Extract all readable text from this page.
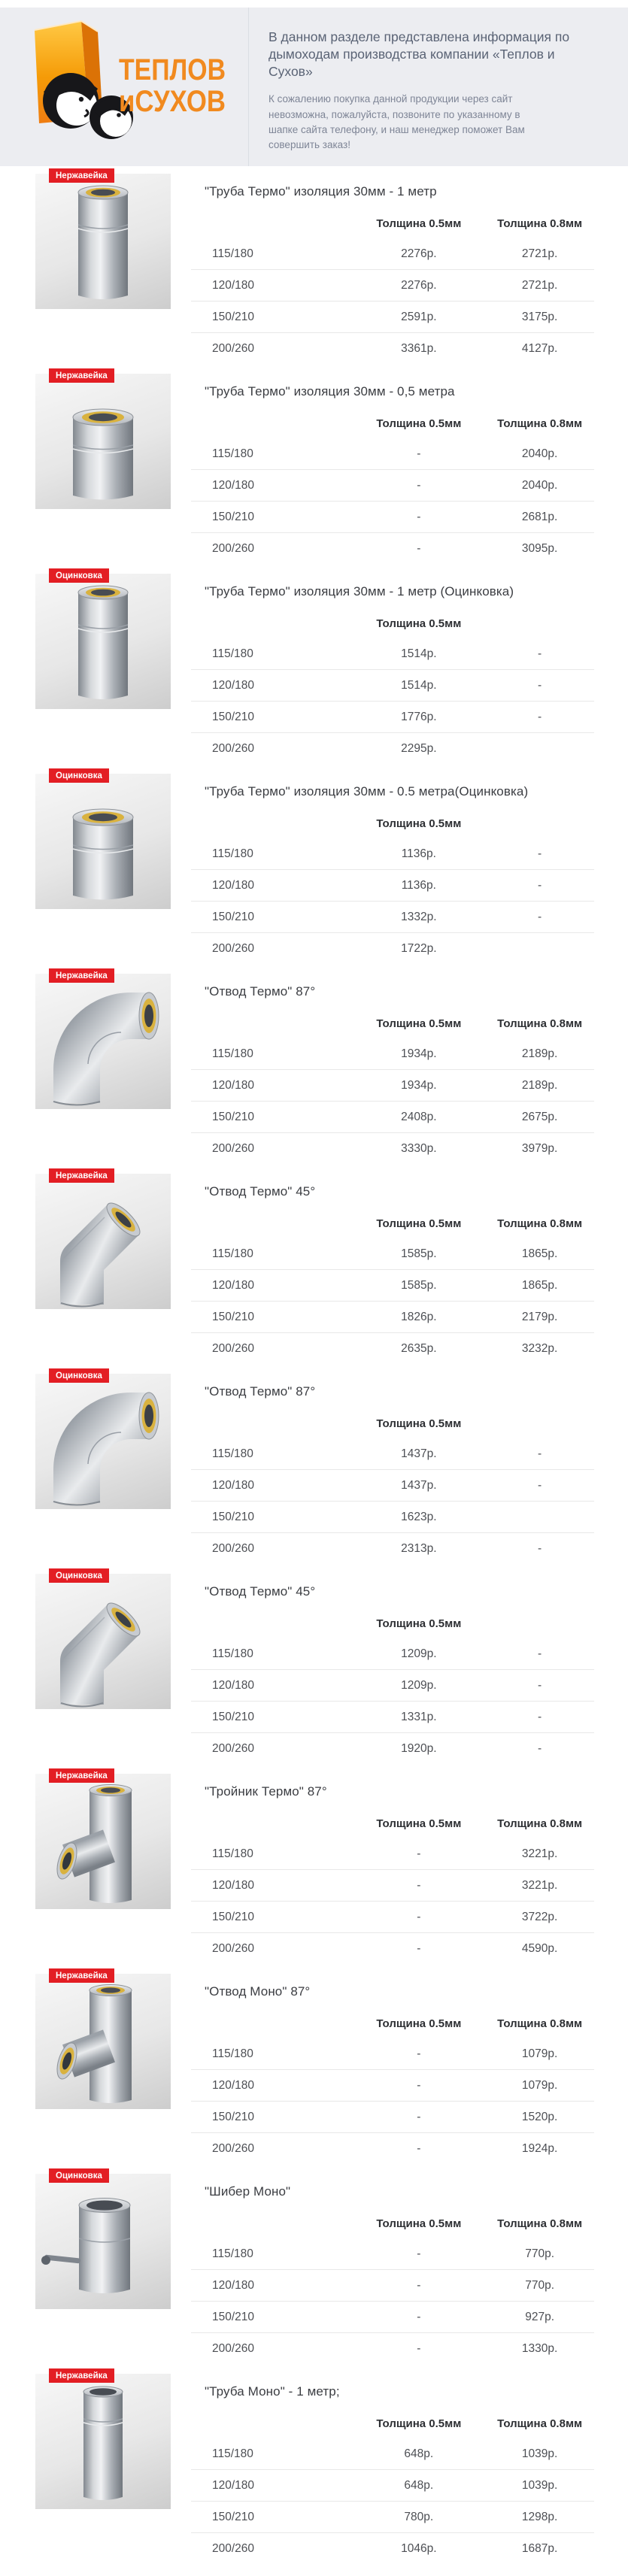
ТЕПЛОВ
иСУХОВ

В данном разделе представлена информация по дымоходам производства компании «Теплов и Сухов»

К сожалению покупка данной продукции через сайт невозможна, пожалуйста, позвоните по указанному в шапке сайта телефону, и наш менеджер поможет Вам совершить заказ!

Нержавейка
"Труба Термо" изоляция 30мм - 1 метр
Толщина 0.5мм	Толщина 0.8мм
115/180	2276р.	2721р.
120/180	2276р.	2721р.
150/210	2591р.	3175р.
200/260	3361р.	4127р.
Нержавейка
"Труба Термо" изоляция 30мм - 0,5 метра
Толщина 0.5мм	Толщина 0.8мм
115/180	-	2040р.
120/180	-	2040р.
150/210	-	2681р.
200/260	-	3095р.
Оцинковка
"Труба Термо" изоляция 30мм - 1 метр (Оцинковка)
Толщина 0.5мм
115/180	1514р.	-
120/180	1514р.	-
150/210	1776р.	-
200/260	2295р.
Оцинковка
"Труба Термо" изоляция 30мм - 0.5 метра(Оцинковка)
Толщина 0.5мм
115/180	1136р.	-
120/180	1136р.	-
150/210	1332р.	-
200/260	1722р.
Нержавейка
"Отвод Термо" 87°
Толщина 0.5мм	Толщина 0.8мм
115/180	1934р.	2189р.
120/180	1934р.	2189р.
150/210	2408р.	2675р.
200/260	3330р.	3979р.
Нержавейка
"Отвод Термо" 45°
Толщина 0.5мм	Толщина 0.8мм
115/180	1585р.	1865р.
120/180	1585р.	1865р.
150/210	1826р.	2179р.
200/260	2635р.	3232р.
Оцинковка
"Отвод Термо" 87°
Толщина 0.5мм
115/180	1437р.	-
120/180	1437р.	-
150/210	1623р.
200/260	2313р.	-
Оцинковка
"Отвод Термо" 45°
Толщина 0.5мм
115/180	1209р.	-
120/180	1209р.	-
150/210	1331р.	-
200/260	1920р.	-
Нержавейка
"Тройник Термо" 87°
Толщина 0.5мм	Толщина 0.8мм
115/180	-	3221р.
120/180	-	3221р.
150/210	-	3722р.
200/260	-	4590р.
Нержавейка
"Отвод Моно" 87°
Толщина 0.5мм	Толщина 0.8мм
115/180	-	1079р.
120/180	-	1079р.
150/210	-	1520р.
200/260	-	1924р.
Оцинковка
"Шибер Моно"
Толщина 0.5мм	Толщина 0.8мм
115/180	-	770р.
120/180	-	770р.
150/210	-	927р.
200/260	-	1330р.
Нержавейка
"Труба Моно" - 1 метр;
Толщина 0.5мм	Толщина 0.8мм
115/180	648р.	1039р.
120/180	648р.	1039р.
150/210	780р.	1298р.
200/260	1046р.	1687р.
